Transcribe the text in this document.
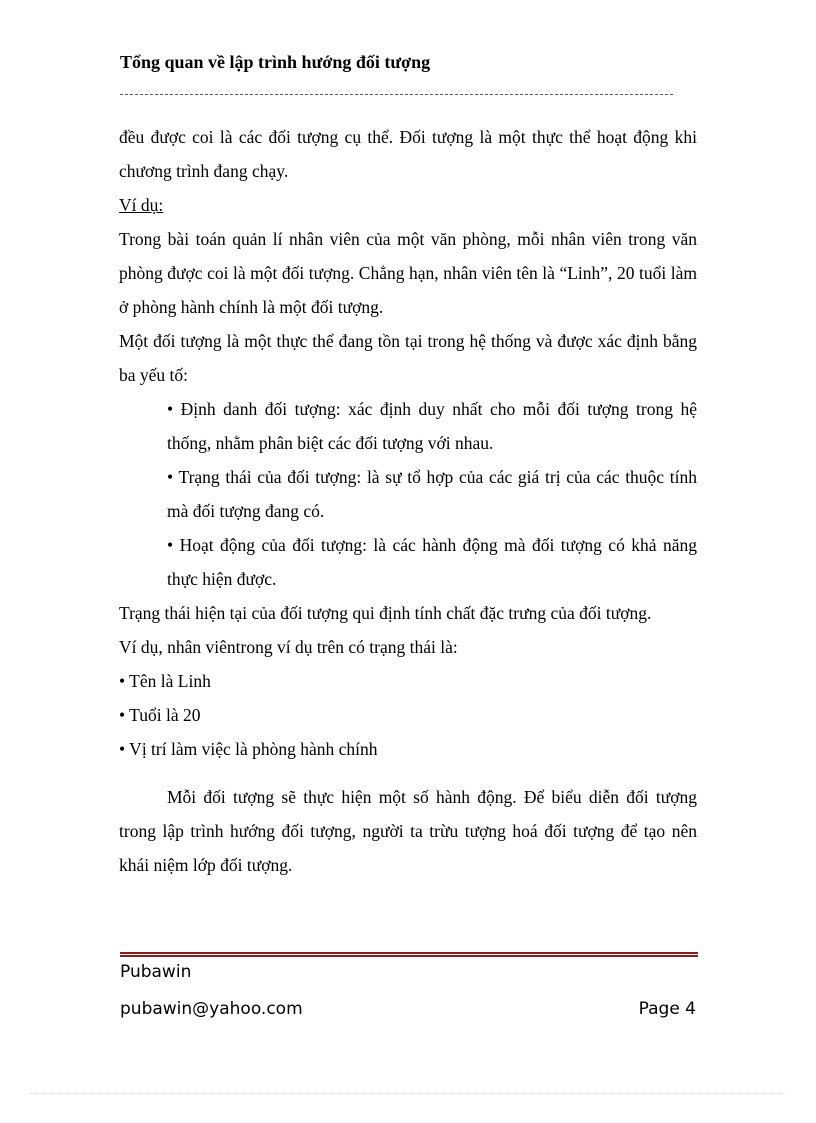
Tổng quan về lập trình hướng đối tượng

đều được coi là các đối tượng cụ thể. Đối tượng là một thực thể hoạt động khi chương trình đang chạy.

Ví dụ:

Trong bài toán quản lí nhân viên của một văn phòng, mỗi nhân viên trong văn phòng được coi là một đối tượng. Chẳng hạn, nhân viên tên là “Linh”, 20 tuổi làm ở phòng hành chính là một đối tượng.

Một đối tượng là một thực thể đang tồn tại trong hệ thống và được xác định bằng ba yếu tố:

• Định danh đối tượng: xác định duy nhất cho mỗi đối tượng trong hệ thống, nhằm phân biệt các đối tượng với nhau.

• Trạng thái của đối tượng: là sự tổ hợp của các giá trị của các thuộc tính mà đối tượng đang có.

• Hoạt động của đối tượng: là các hành động mà đối tượng có khả năng thực hiện được.

Trạng thái hiện tại của đối tượng qui định tính chất đặc trưng của đối tượng.

Ví dụ, nhân viêntrong ví dụ trên có trạng thái là:

• Tên là Linh

• Tuổi là 20

• Vị trí làm việc là phòng hành chính

Mỗi đối tượng sẽ thực hiện một số hành động. Để biểu diễn đối tượng trong lập trình hướng đối tượng, người ta trừu tượng hoá đối tượng để tạo nên khái niệm lớp đối tượng.

Pubawin
pubawin@yahoo.com	Page 4
